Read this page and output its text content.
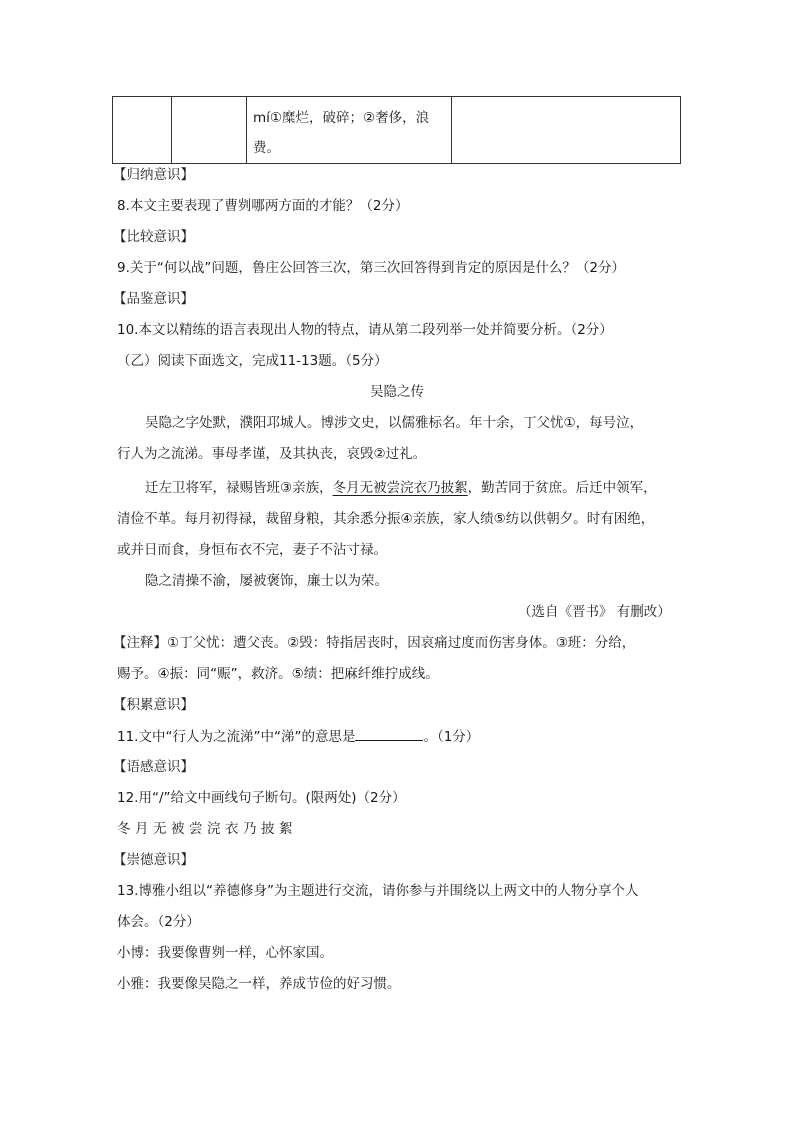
mí①糜烂，破碎；②奢侈，浪
费。

【归纳意识】
8.本文主要表现了曹刿哪两方面的才能？（2分）
【比较意识】
9.关于“何以战”问题，鲁庄公回答三次，第三次回答得到肯定的原因是什么？（2分）
【品鉴意识】
10.本文以精练的语言表现出人物的特点，请从第二段列举一处并简要分析。（2分）
（乙）阅读下面选文，完成11-13题。（5分）
吴隐之传
吴隐之字处默，濮阳邛城人。博涉文史，以儒雅标名。年十余，丁父忧①，每号泣，
行人为之流涕。事母孝谨，及其执丧，哀毁②过礼。
迁左卫将军，禄赐皆班③亲族，冬月无被尝浣衣乃披絮，勤苦同于贫庶。后迁中领军，
清俭不革。每月初得禄，裁留身粮，其余悉分振④亲族，家人绩⑤纺以供朝夕。时有困绝，
或并日而食，身恒布衣不完，妻子不沾寸禄。
隐之清操不渝，屡被褒饰，廉士以为荣。
（选自《晋书》 有删改）
【注释】①丁父忧：遭父丧。②毁：特指居丧时，因哀痛过度而伤害身体。③班：分给，
赐予。④振：同“赈”，救济。⑤绩：把麻纤维拧成线。
【积累意识】
11.文中“行人为之流涕”中“涕”的意思是	。（1分）
【语感意识】
12.用“/”给文中画线句子断句。(限两处)（2分）
冬月无被尝浣衣乃披絮
【崇德意识】
13.博雅小组以“养德修身”为主题进行交流，请你参与并围绕以上两文中的人物分享个人
体会。（2分）
小博：我要像曹刿一样，心怀家国。
小雅：我要像吴隐之一样，养成节俭的好习惯。
